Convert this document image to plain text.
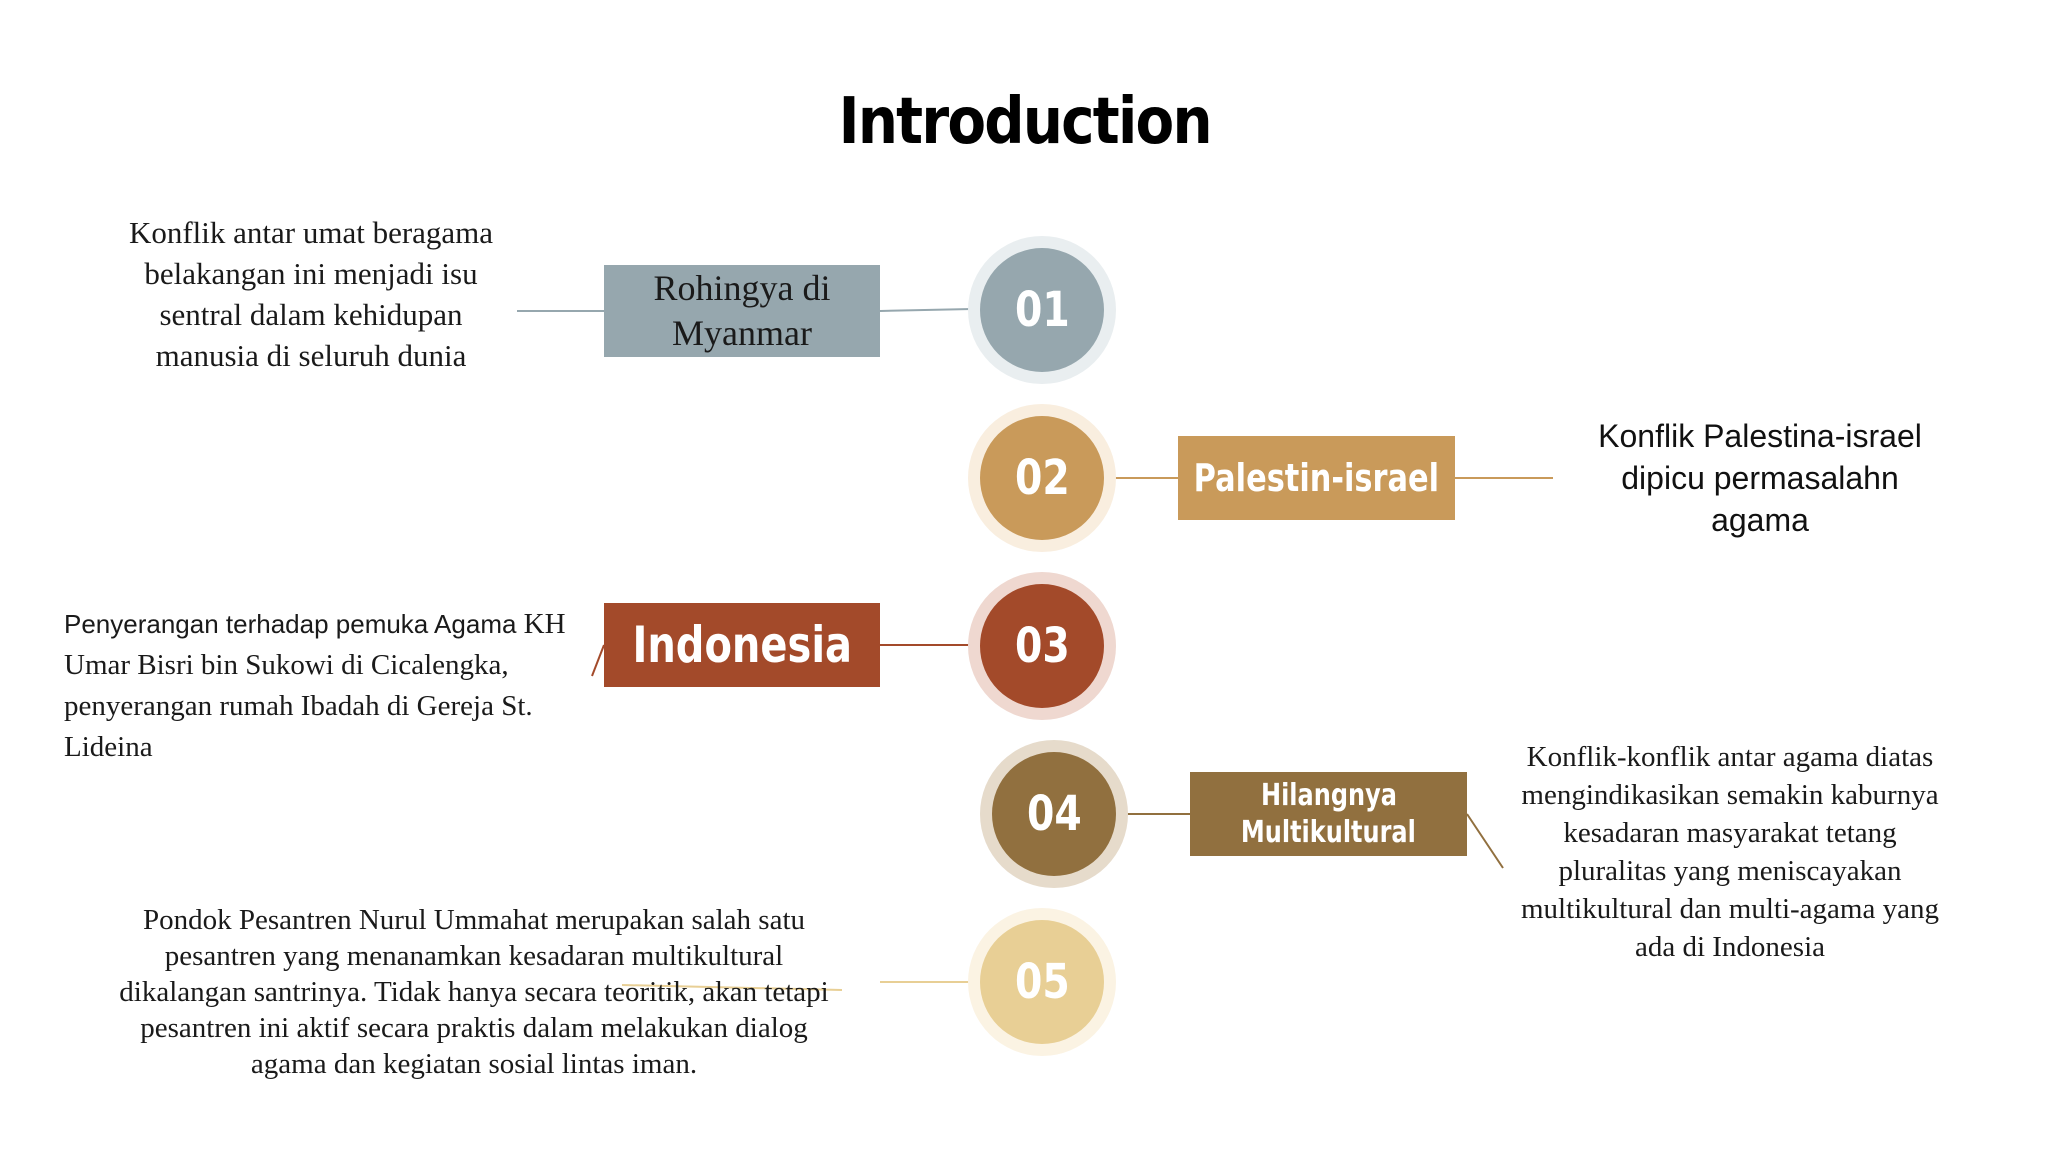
Introduction
01
Rohingya di Myanmar
Konflik antar umat beragama belakangan ini menjadi isu sentral dalam kehidupan manusia di seluruh dunia
02	Palestin-israel
Konflik Palestina-israel dipicu permasalahn agama
03
Indonesia
Penyerangan terhadap pemuka Agama KH Umar Bisri bin Sukowi di Cicalengka, penyerangan rumah Ibadah di Gereja St. Lideina
04	Hilangnya
Multikultural
Konflik-konflik antar agama diatas mengindikasikan semakin kaburnya kesadaran masyarakat tetang pluralitas yang meniscayakan multikultural dan multi-agama yang ada di Indonesia
05
Pondok Pesantren Nurul Ummahat merupakan salah satu pesantren yang menanamkan kesadaran multikultural dikalangan santrinya. Tidak hanya secara teoritik, akan tetapi pesantren ini aktif secara praktis dalam melakukan dialog agama dan kegiatan sosial lintas iman.
